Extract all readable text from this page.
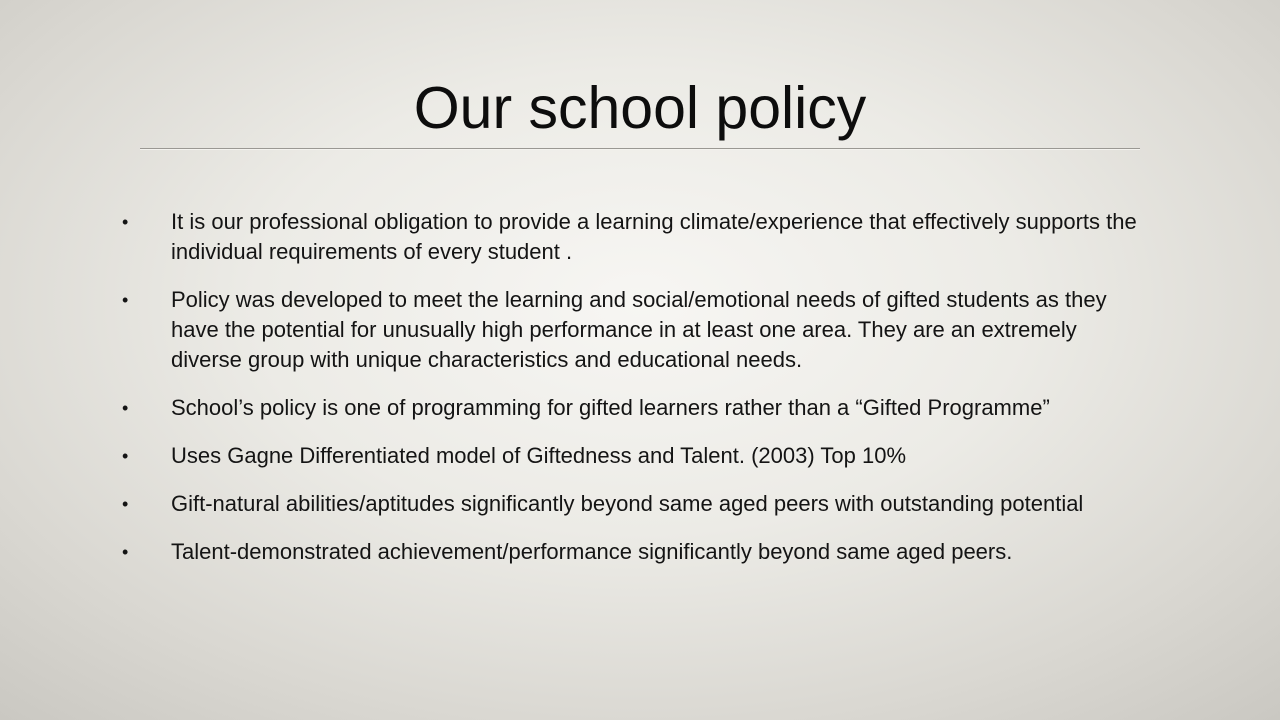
Our school policy
• It is our professional obligation to provide a learning climate/experience that effectively supports the individual requirements of every student .
• Policy was developed to meet the learning and social/emotional needs of gifted students as they have the potential for unusually high performance in at least one area. They are an extremely diverse group with unique characteristics and educational needs.
• School’s policy is one of programming for gifted learners rather than a “Gifted Programme”
• Uses Gagne Differentiated model of Giftedness and Talent. (2003) Top 10%
• Gift-natural abilities/aptitudes significantly beyond same aged peers with outstanding potential
• Talent-demonstrated achievement/performance significantly beyond same aged peers.
